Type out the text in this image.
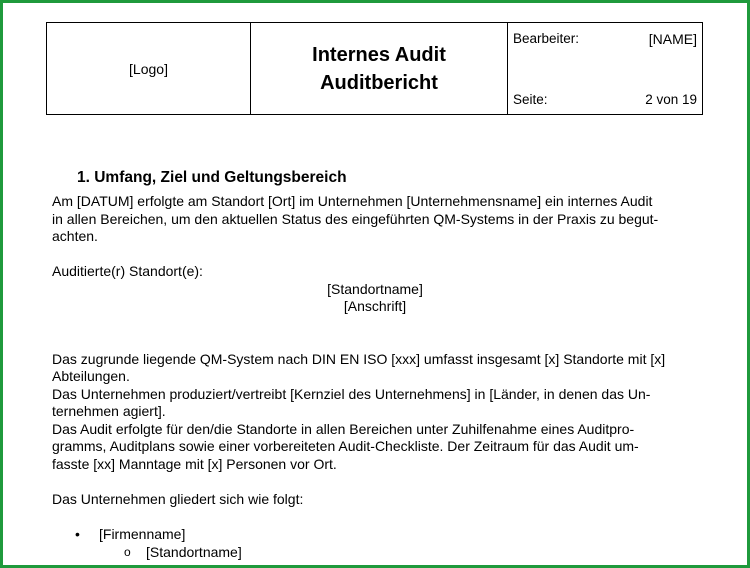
[Logo]	
Internes Audit
Auditbericht

Bearbeiter:	[NAME]
Seite:	2 von 19
1. Umfang, Ziel und Geltungsbereich

Am [DATUM] erfolgte am Standort [Ort] im Unternehmen [Unternehmensname] ein internes Audit

in allen Bereichen, um den aktuellen Status des eingeführten QM-Systems in der Praxis zu begut-

achten.

Auditierte(r) Standort(e):

[Standortname]

[Anschrift]

Das zugrunde liegende QM-System nach DIN EN ISO [xxx] umfasst insgesamt [x] Standorte mit [x]

Abteilungen.

Das Unternehmen produziert/vertreibt [Kernziel des Unternehmens] in [Länder, in denen das Un-

ternehmen agiert].

Das Audit erfolgte für den/die Standorte in allen Bereichen unter Zuhilfenahme eines Auditpro-

gramms, Auditplans sowie einer vorbereiteten Audit-Checkliste. Der Zeitraum für das Audit um-

fasste [xx] Manntage mit [x] Personen vor Ort.

Das Unternehmen gliedert sich wie folgt:

• [Firmenname]
o [Standortname]
